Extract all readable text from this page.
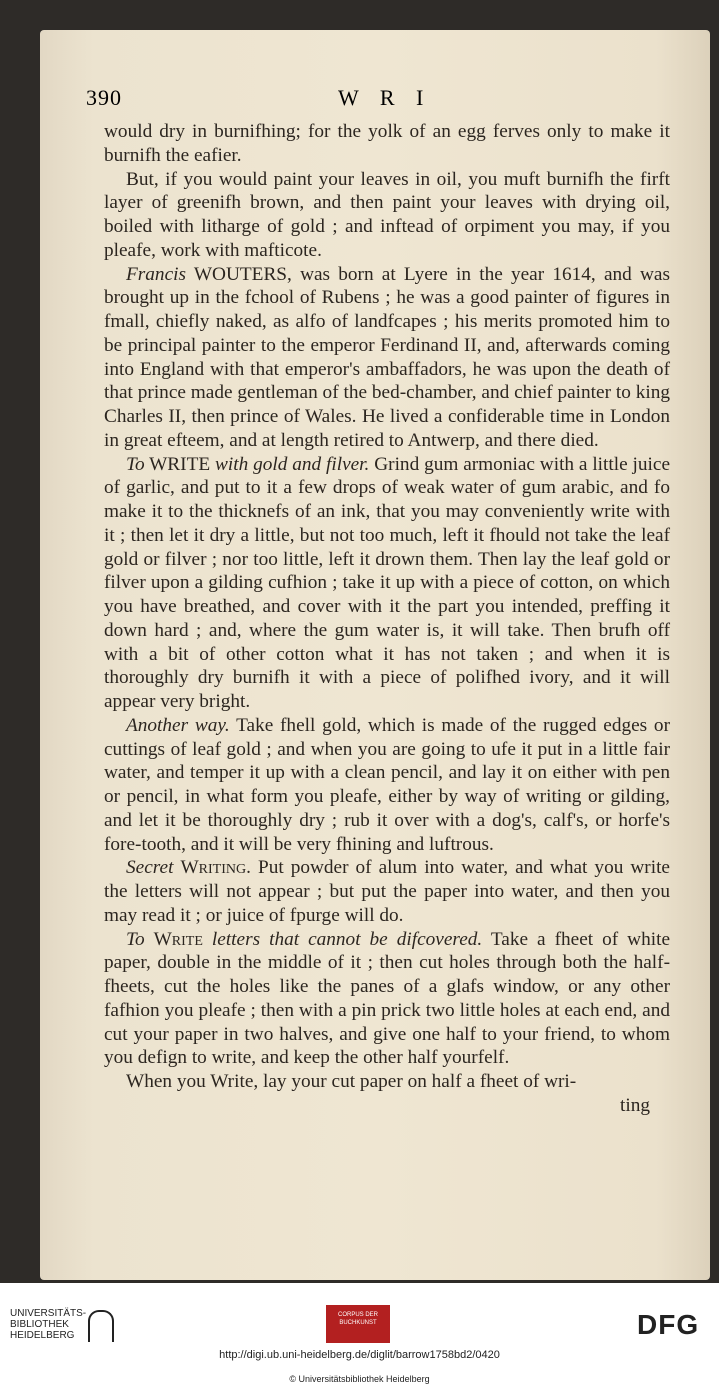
390	W R I

would dry in burnifhing; for the yolk of an egg ferves only to make it burnifh the eafier.

But, if you would paint your leaves in oil, you muft burnifh the firft layer of greenifh brown, and then paint your leaves with drying oil, boiled with litharge of gold ; and inftead of orpiment you may, if you pleafe, work with mafticote.

Francis WOUTERS, was born at Lyere in the year 1614, and was brought up in the fchool of Rubens ; he was a good painter of figures in fmall, chiefly naked, as alfo of landfcapes ; his merits promoted him to be principal painter to the emperor Ferdinand II, and, afterwards coming into England with that emperor's ambaffadors, he was upon the death of that prince made gentleman of the bed-chamber, and chief painter to king Charles II, then prince of Wales. He lived a confiderable time in London in great efteem, and at length retired to Antwerp, and there died.

To WRITE with gold and filver. Grind gum armoniac with a little juice of garlic, and put to it a few drops of weak water of gum arabic, and fo make it to the thicknefs of an ink, that you may conveniently write with it ; then let it dry a little, but not too much, left it fhould not take the leaf gold or filver ; nor too little, left it drown them. Then lay the leaf gold or filver upon a gilding cufhion ; take it up with a piece of cotton, on which you have breathed, and cover with it the part you intended, preffing it down hard ; and, where the gum water is, it will take. Then brufh off with a bit of other cotton what it has not taken ; and when it is thoroughly dry burnifh it with a piece of polifhed ivory, and it will appear very bright.

Another way. Take fhell gold, which is made of the rugged edges or cuttings of leaf gold ; and when you are going to ufe it put in a little fair water, and temper it up with a clean pencil, and lay it on either with pen or pencil, in what form you pleafe, either by way of writing or gilding, and let it be thoroughly dry ; rub it over with a dog's, calf's, or horfe's fore-tooth, and it will be very fhining and luftrous.

Secret Writing. Put powder of alum into water, and what you write the letters will not appear ; but put the paper into water, and then you may read it ; or juice of fpurge will do.

To Write letters that cannot be difcovered. Take a fheet of white paper, double in the middle of it ; then cut holes through both the half-fheets, cut the holes like the panes of a glafs window, or any other fafhion you pleafe ; then with a pin prick two little holes at each end, and cut your paper in two halves, and give one half to your friend, to whom you defign to write, and keep the other half yourfelf.

When you Write, lay your cut paper on half a fheet of wri-

ting

UNIVERSITÄTS-
BIBLIOTHEK
HEIDELBERG
CORPUS DER BUCHKUNST	DFG
http://digi.ub.uni-heidelberg.de/diglit/barrow1758bd2/0420
© Universitätsbibliothek Heidelberg
